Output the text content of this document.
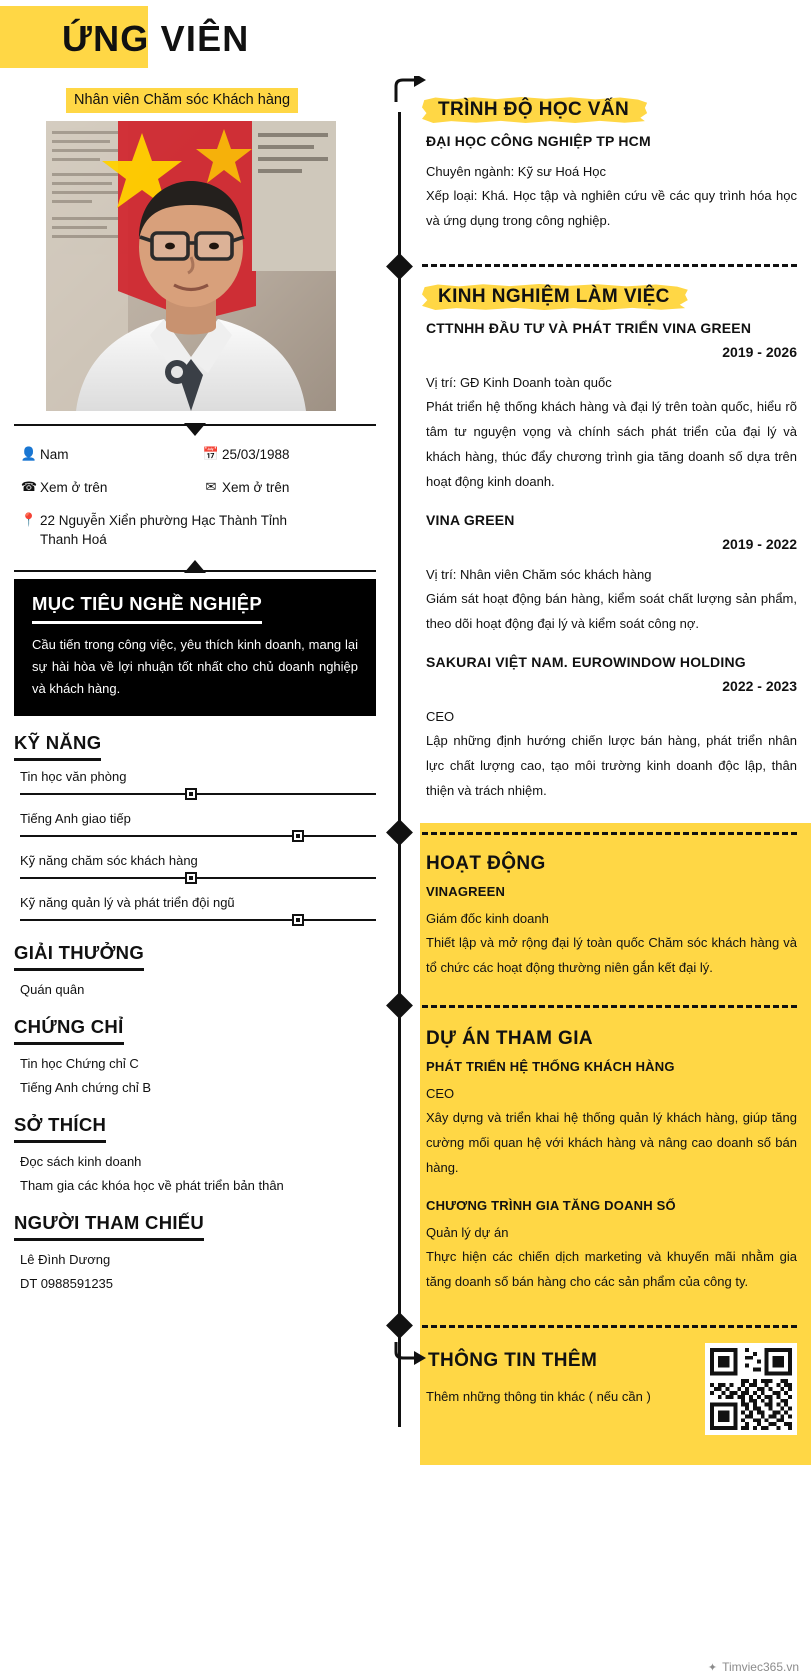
ỨNG VIÊN
Nhân viên Chăm sóc Khách hàng
👤 Nam	📅 25/03/1988
☎ Xem ở trên	✉ Xem ở trên
📍 22 Nguyễn Xiển phường Hạc Thành Tỉnh
Thanh Hoá
MỤC TIÊU NGHỀ NGHIỆP
Cầu tiến trong công việc, yêu thích kinh doanh, mang lại sự hài hòa về lợi nhuận tốt nhất cho chủ doanh nghiệp và khách hàng.
KỸ NĂNG
Tin học văn phòng
Tiếng Anh giao tiếp
Kỹ năng chăm sóc khách hàng
Kỹ năng quản lý và phát triển đội ngũ
GIẢI THƯỞNG
Quán quân
CHỨNG CHỈ
Tin học Chứng chỉ C
Tiếng Anh chứng chỉ B
SỞ THÍCH
Đọc sách kinh doanh
Tham gia các khóa học về phát triển bản thân
NGƯỜI THAM CHIẾU
Lê Đình Dương
DT 0988591235
TRÌNH ĐỘ HỌC VẤN
ĐẠI HỌC CÔNG NGHIỆP TP HCM
Chuyên ngành: Kỹ sư Hoá Học
Xếp loại: Khá. Học tập và nghiên cứu về các quy trình hóa học và ứng dụng trong công nghiệp.
KINH NGHIỆM LÀM VIỆC
CTTNHH ĐẦU TƯ VÀ PHÁT TRIỂN VINA GREEN
2019 - 2026
Vị trí: GĐ Kinh Doanh toàn quốc
Phát triển hệ thống khách hàng và đại lý trên toàn quốc, hiểu rõ tâm tư nguyện vọng và chính sách phát triển của đại lý và khách hàng, thúc đẩy chương trình gia tăng doanh số dựa trên hoạt động kinh doanh.
VINA GREEN
2019 - 2022
Vị trí: Nhân viên Chăm sóc khách hàng
Giám sát hoạt động bán hàng, kiểm soát chất lượng sản phẩm, theo dõi hoạt động đại lý và kiểm soát công nợ.
SAKURAI VIỆT NAM. EUROWINDOW HOLDING
2022 - 2023
CEO
Lập những định hướng chiến lược bán hàng, phát triển nhân lực chất lượng cao, tạo môi trường kinh doanh độc lập, thân thiện và trách nhiệm.
HOẠT ĐỘNG
VINAGREEN
Giám đốc kinh doanh
Thiết lập và mở rộng đại lý toàn quốc Chăm sóc khách hàng và tổ chức các hoạt động thường niên gắn kết đại lý.
DỰ ÁN THAM GIA
PHÁT TRIỂN HỆ THỐNG KHÁCH HÀNG
CEO
Xây dựng và triển khai hệ thống quản lý khách hàng, giúp tăng cường mối quan hệ với khách hàng và nâng cao doanh số bán hàng.
CHƯƠNG TRÌNH GIA TĂNG DOANH SỐ
Quản lý dự án
Thực hiện các chiến dịch marketing và khuyến mãi nhằm gia tăng doanh số bán hàng cho các sản phẩm của công ty.
THÔNG TIN THÊM
Thêm những thông tin khác ( nếu cần )
✦ Timviec365.vn
